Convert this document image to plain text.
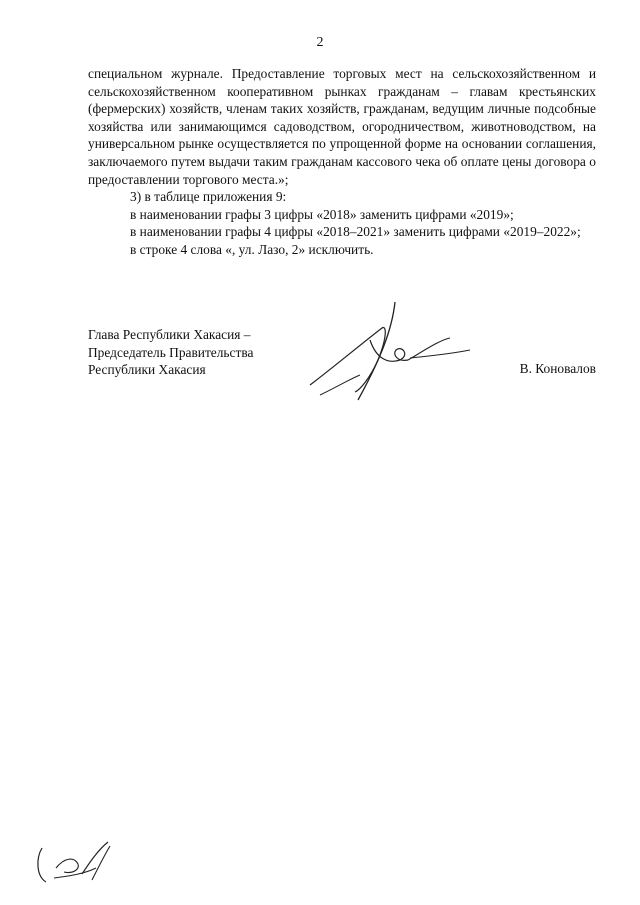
2

специальном журнале. Предоставление торговых мест на сельскохозяйственном и сельскохозяйственном кооперативном рынках гражданам – главам крестьянских (фермерских) хозяйств, членам таких хозяйств, гражданам, ведущим личные подсобные хозяйства или занимающимся садоводством, огородничеством, животноводством, на универсальном рынке осуществляется по упрощенной форме на основании соглашения, заключаемого путем выдачи таким гражданам кассового чека об оплате цены договора о предоставлении торгового места.»;

3) в таблице приложения 9:

в наименовании графы 3 цифры «2018» заменить цифрами «2019»;

в наименовании графы 4 цифры «2018–2021» заменить цифрами «2019–2022»;

в строке 4 слова «, ул. Лазо, 2» исключить.

Глава Республики Хакасия –
Председатель Правительства
Республики Хакасия	В. Коновалов
